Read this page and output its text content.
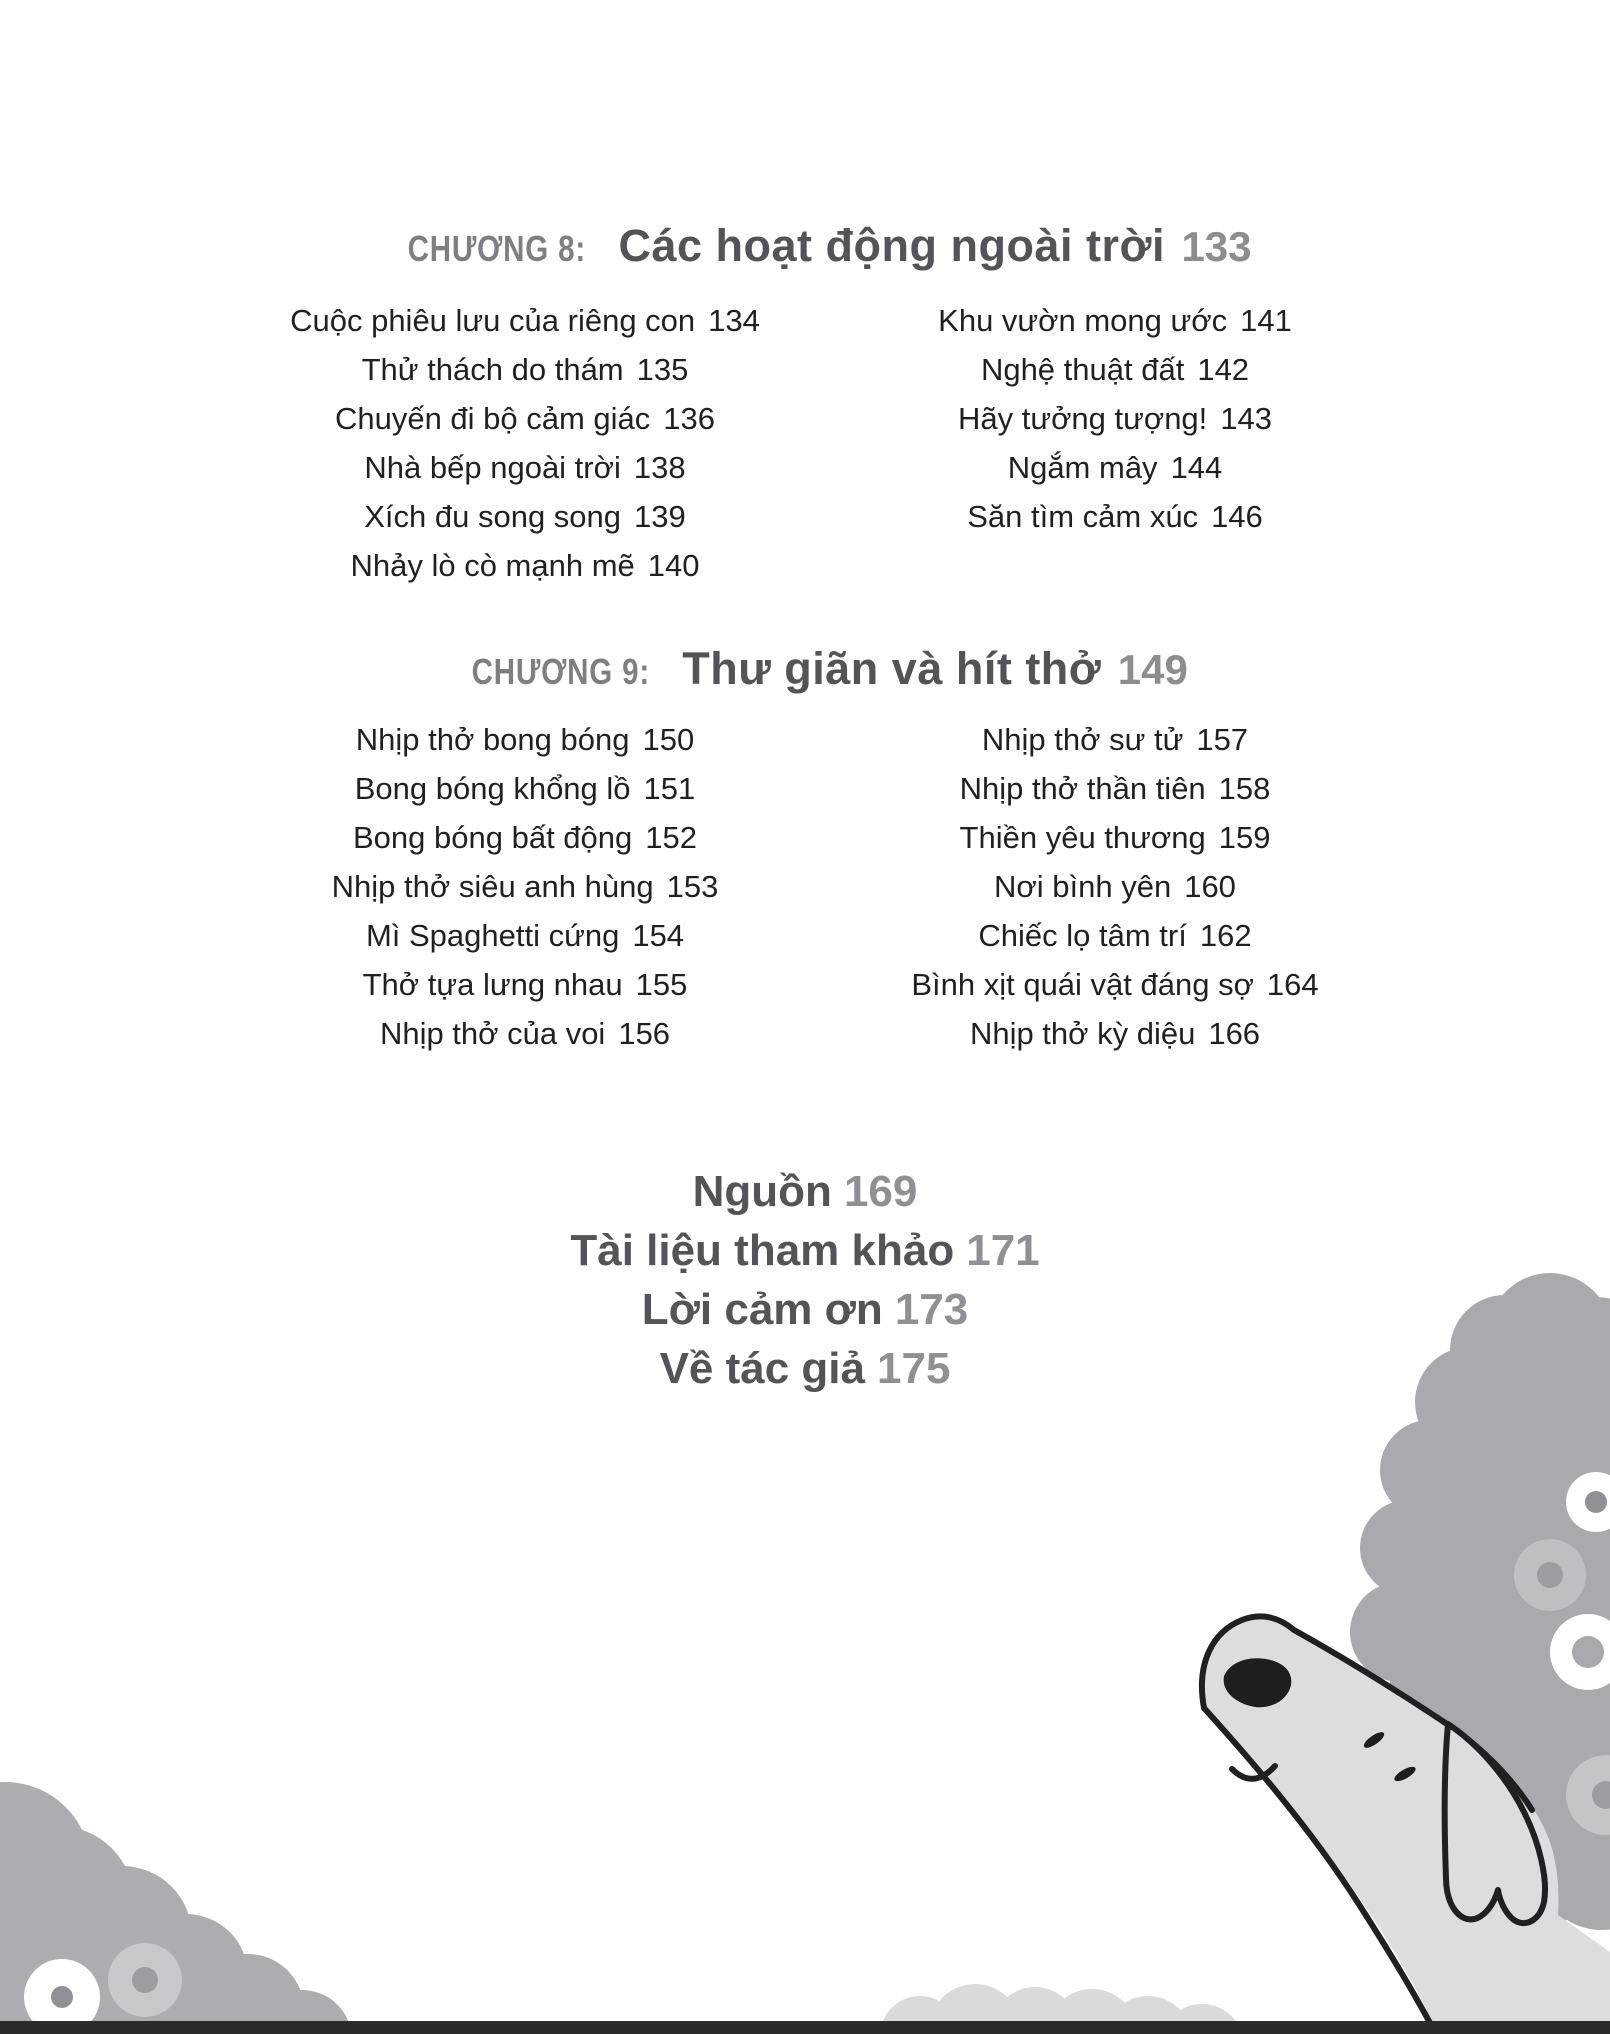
CHƯƠNG 8: Các hoạt động ngoài trời 133
Cuộc phiêu lưu của riêng con 134
Thử thách do thám 135
Chuyến đi bộ cảm giác 136
Nhà bếp ngoài trời 138
Xích đu song song 139
Nhảy lò cò mạnh mẽ 140
Khu vườn mong ước 141
Nghệ thuật đất 142
Hãy tưởng tượng! 143
Ngắm mây 144
Săn tìm cảm xúc 146
CHƯƠNG 9: Thư giãn và hít thở 149
Nhịp thở bong bóng 150
Bong bóng khổng lồ 151
Bong bóng bất động 152
Nhịp thở siêu anh hùng 153
Mì Spaghetti cứng 154
Thở tựa lưng nhau 155
Nhịp thở của voi 156
Nhịp thở sư tử 157
Nhịp thở thần tiên 158
Thiền yêu thương 159
Nơi bình yên 160
Chiếc lọ tâm trí 162
Bình xịt quái vật đáng sợ 164
Nhịp thở kỳ diệu 166
Nguồn 169
Tài liệu tham khảo 171
Lời cảm ơn 173
Về tác giả 175
